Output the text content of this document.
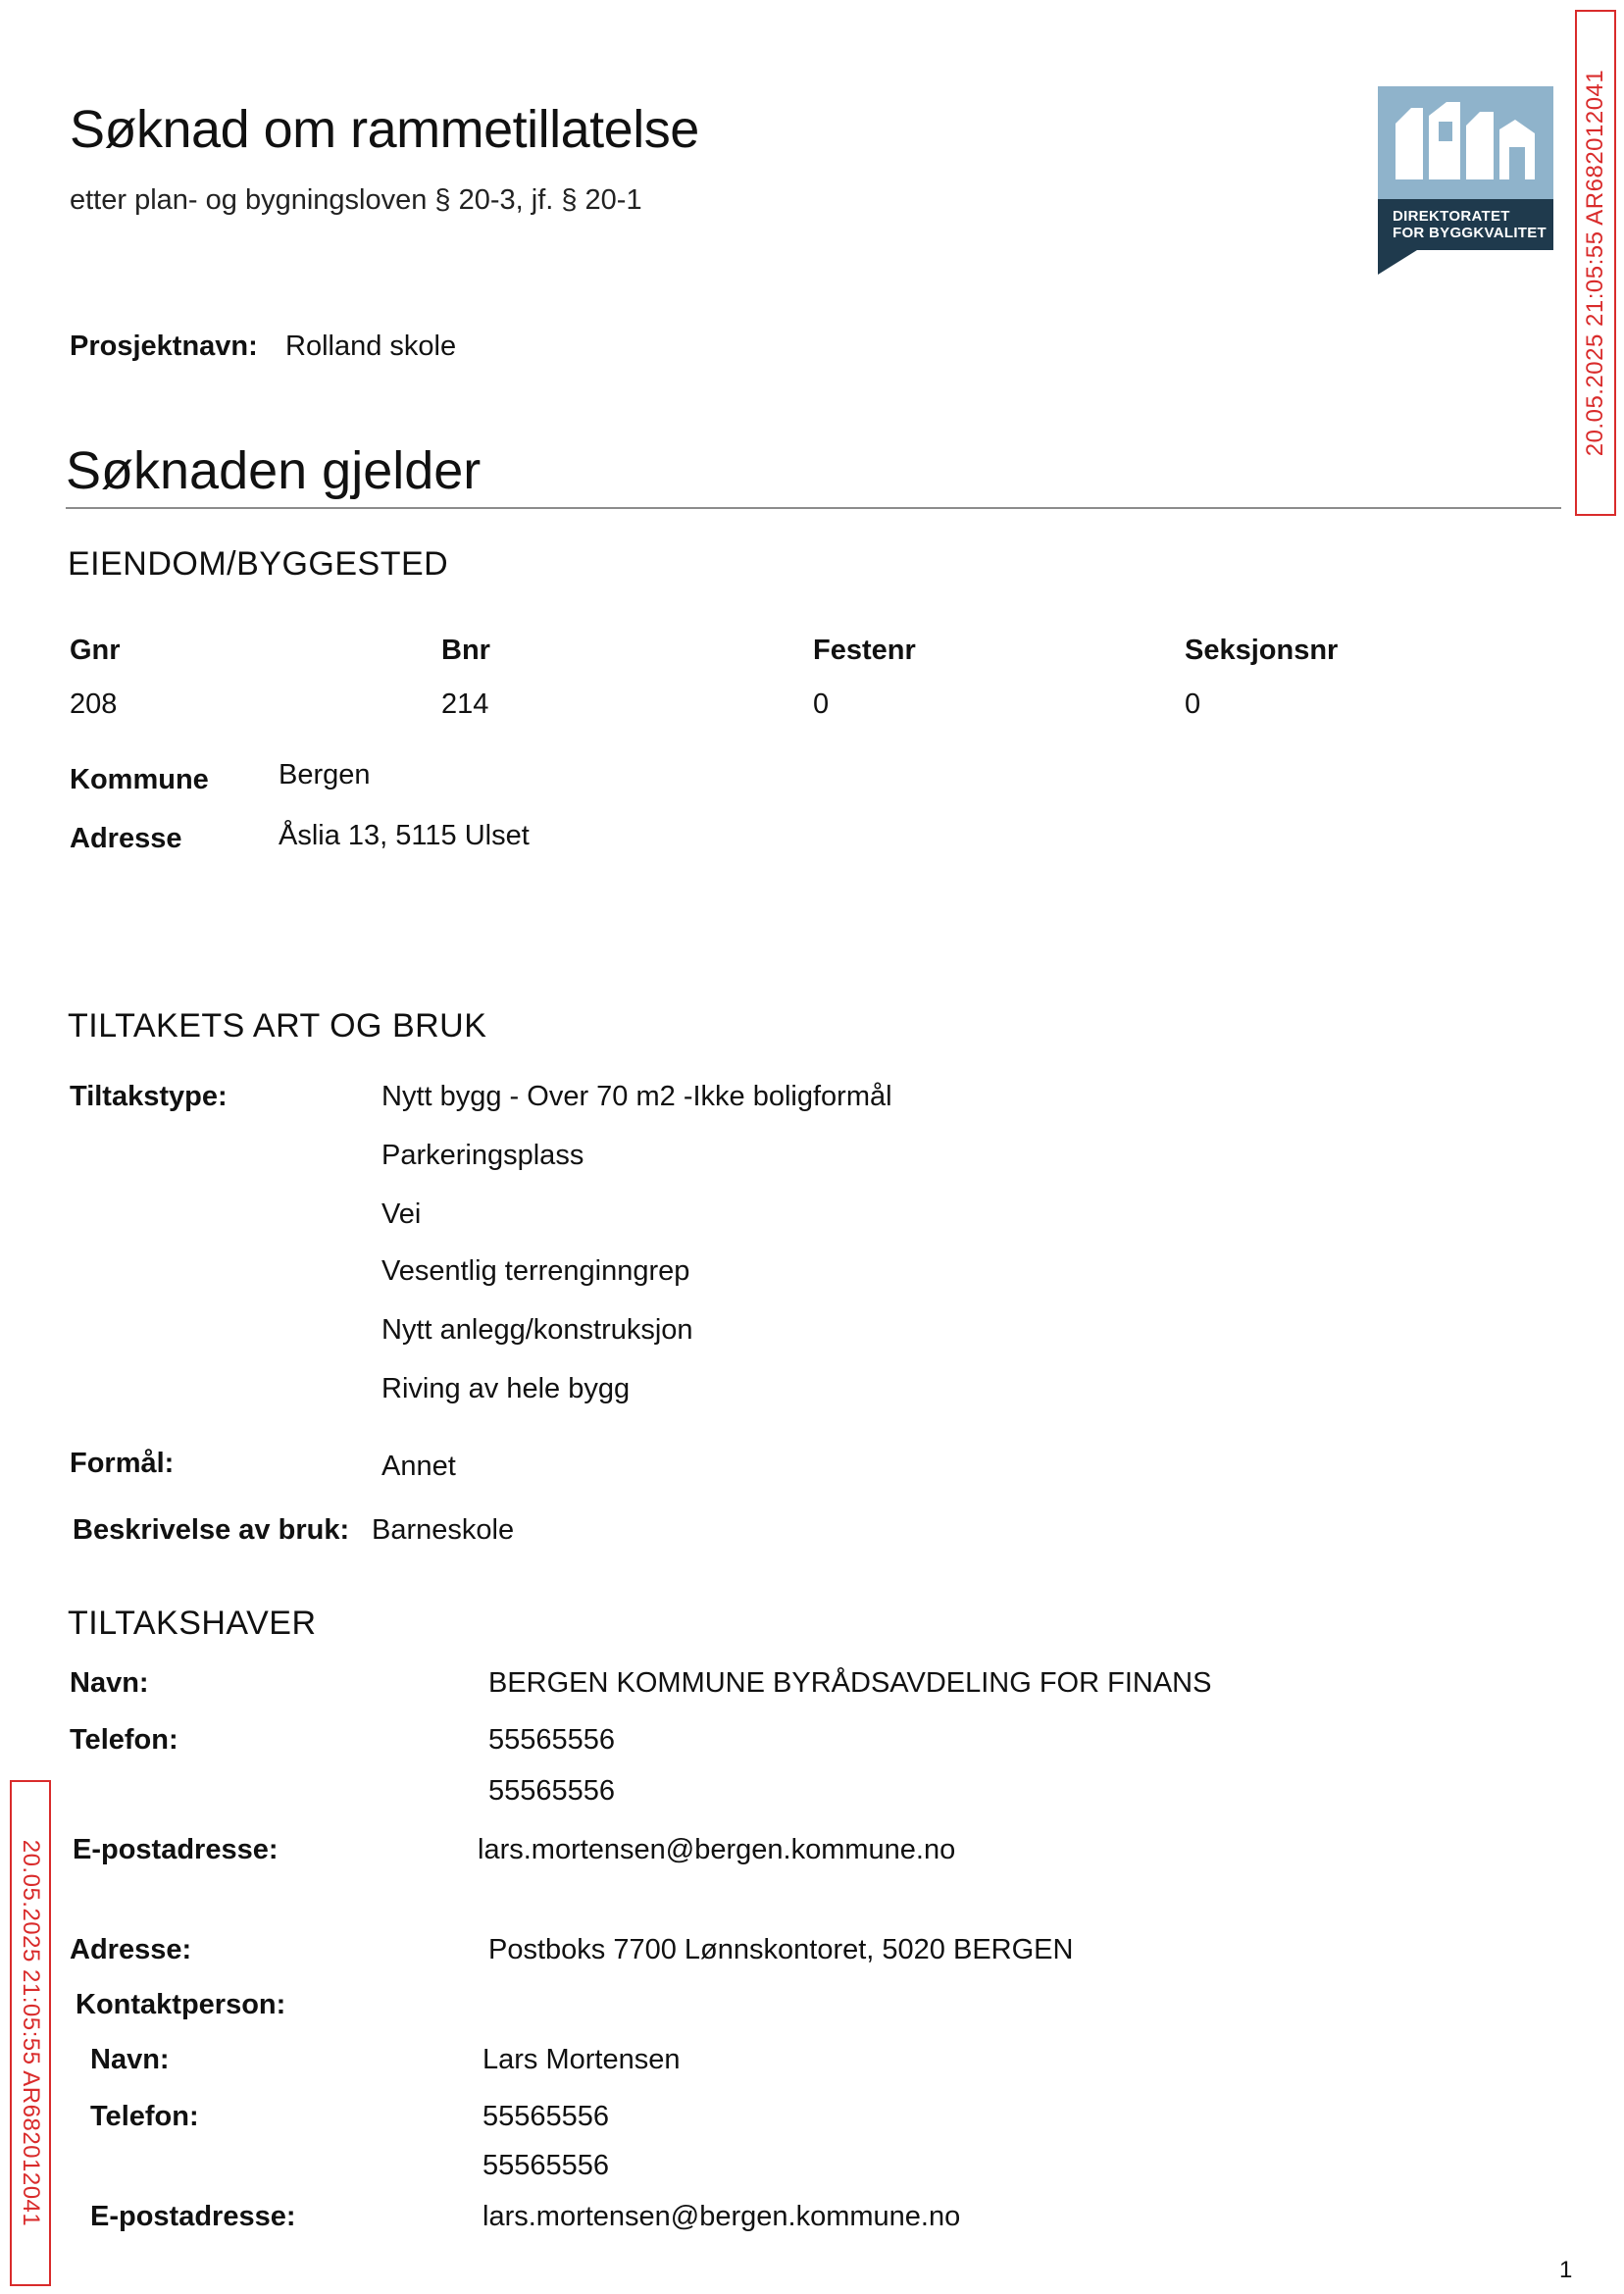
Søknad om rammetillatelse
etter plan- og bygningsloven § 20-3, jf. § 20-1
DIREKTORATET
FOR BYGGKVALITET 20.05.2025 21:05:55 AR682012041
20.05.2025 21:05:55 AR682012041
Prosjektnavn: Rolland skole
Søknaden gjelder
EIENDOM/BYGGESTED
Gnr	Bnr	Festenr	Seksjonsnr
208	214	0	0
Kommune Bergen
Adresse	Åslia 13, 5115 Ulset
TILTAKETS ART OG BRUK
Tiltakstype:	Nytt bygg - Over 70 m2 -Ikke boligformål
Parkeringsplass
Vei
Vesentlig terrenginngrep
Nytt anlegg/konstruksjon
Riving av hele bygg
Formål:	Annet
Beskrivelse av bruk: Barneskole
TILTAKSHAVER
Navn:	BERGEN KOMMUNE BYRÅDSAVDELING FOR FINANS
Telefon:	55565556
55565556
E-postadresse:	lars.mortensen@bergen.kommune.no
Adresse:	Postboks 7700 Lønnskontoret, 5020 BERGEN
Kontaktperson:
Navn:	Lars Mortensen
Telefon:	55565556
55565556
E-postadresse:	lars.mortensen@bergen.kommune.no
1
